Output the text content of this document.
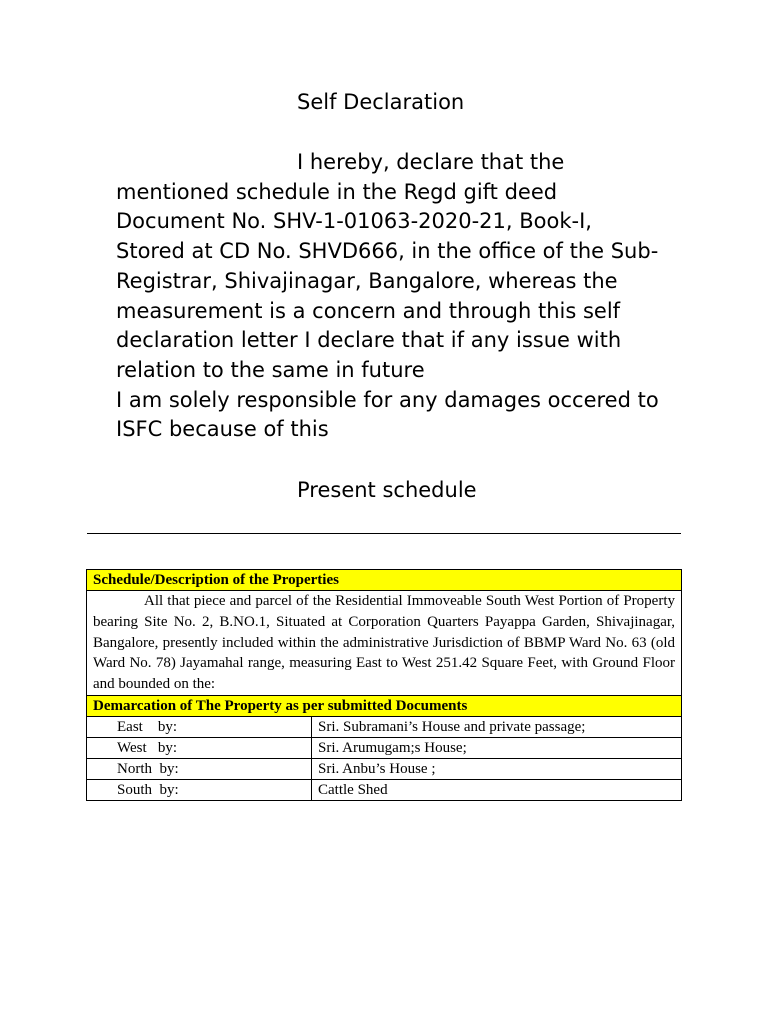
Self Declaration
I hereby, declare that the
mentioned schedule in the Regd gift deed
Document No. SHV-1-01063-2020-21, Book-I,
Stored at CD No. SHVD666, in the office of the Sub-
Registrar, Shivajinagar, Bangalore, whereas the
measurement is a concern and through this self
declaration letter I declare that if any issue with
relation to the same in future
I am solely responsible for any damages occered to
ISFC because of this
Present schedule
Schedule/Description of the Properties	
All that piece and parcel of the Residential Immoveable South West Portion of Property bearing Site No. 2, B.NO.1, Situated at Corporation Quarters Payappa Garden, Shivajinagar, Bangalore, presently included within the administrative Jurisdiction of BBMP Ward No. 63 (old Ward No. 78) Jayamahal range, measuring East to West 251.42 Square Feet, with Ground Floor and bounded on the:	
Demarcation of The Property as per submitted Documents	
East    by:	Sri. Subramani’s House and private passage;
West   by:	Sri. Arumugam;s House;
North  by:	Sri. Anbu’s House ;
South  by:	Cattle Shed
